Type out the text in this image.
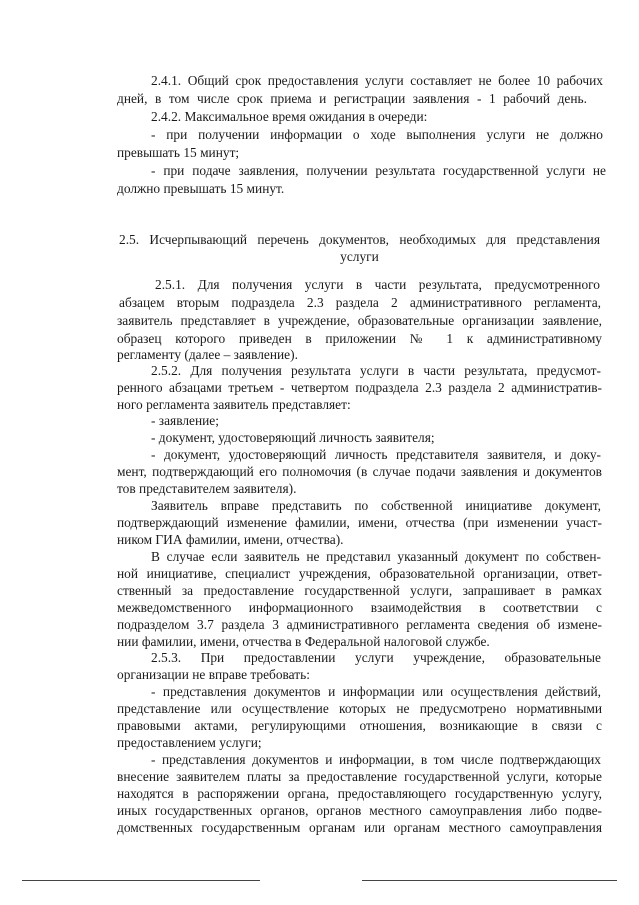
2.4.1. Общий срок предоставления услуги составляет не более 10 рабочих
дней, в том числе срок приема и регистрации заявления - 1 рабочий день.
2.4.2. Максимальное время ожидания в очереди:
- при получении информации о ходе выполнения услуги не должно
превышать 15 минут;
- при подаче заявления, получении результата государственной услуги не
должно превышать 15 минут.
2.5. Исчерпывающий перечень документов, необходимых для представления
услуги
2.5.1. Для получения услуги в части результата, предусмотренного
абзацем вторым подраздела 2.3 раздела 2 административного регламента,
заявитель представляет в учреждение, образовательные организации заявление,
образец которого приведен в приложении № 1 к административному
регламенту (далее – заявление).
2.5.2. Для получения результата услуги в части результата, предусмот-
ренного абзацами третьем - четвертом подраздела 2.3 раздела 2 административ-
ного регламента заявитель представляет:
- заявление;
- документ, удостоверяющий личность заявителя;
- документ, удостоверяющий личность представителя заявителя, и доку-
мент, подтверждающий его полномочия (в случае подачи заявления и документов
тов представителем заявителя).
Заявитель вправе представить по собственной инициативе документ,
подтверждающий изменение фамилии, имени, отчества (при изменении участ-
ником ГИА фамилии, имени, отчества).
В случае если заявитель не представил указанный документ по собствен-
ной инициативе, специалист учреждения, образовательной организации, ответ-
ственный за предоставление государственной услуги, запрашивает в рамках
межведомственного информационного взаимодействия в соответствии с
подразделом 3.7 раздела 3 административного регламента сведения об измене-
нии фамилии, имени, отчества в Федеральной налоговой службе.
2.5.3. При предоставлении услуги учреждение, образовательные
организации не вправе требовать:
- представления документов и информации или осуществления действий,
представление или осуществление которых не предусмотрено нормативными
правовыми актами, регулирующими отношения, возникающие в связи с
предоставлением услуги;
- представления документов и информации, в том числе подтверждающих
внесение заявителем платы за предоставление государственной услуги, которые
находятся в распоряжении органа, предоставляющего государственную услугу,
иных государственных органов, органов местного самоуправления либо подве-
домственных государственным органам или органам местного самоуправления
